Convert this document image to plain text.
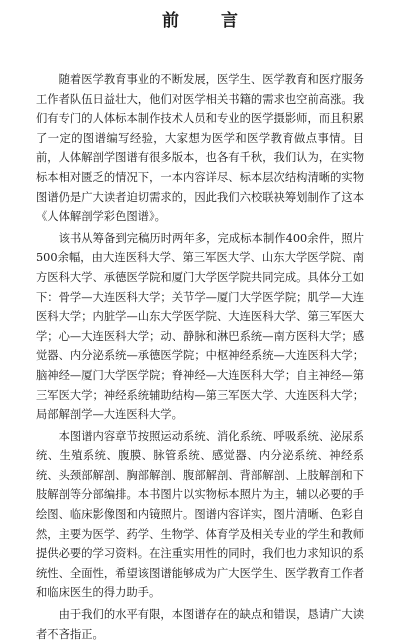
前 言

随着医学教育事业的不断发展，医学生、医学教育和医疗服务工作者队伍日益壮大，他们对医学相关书籍的需求也空前高涨。我们有专门的人体标本制作技术人员和专业的医学摄影师，而且积累了一定的图谱编写经验，大家想为医学和医学教育做点事情。目前，人体解剖学图谱有很多版本，也各有千秋，我们认为，在实物标本相对匮乏的情况下，一本内容详尽、标本层次结构清晰的实物图谱仍是广大读者迫切需求的，因此我们六校联袂筹划制作了这本《人体解剖学彩色图谱》。

该书从筹备到完稿历时两年多，完成标本制作400余件，照片500余幅，由大连医科大学、第三军医大学、山东大学医学院、南方医科大学、承德医学院和厦门大学医学院共同完成。具体分工如下：骨学—大连医科大学；关节学—厦门大学医学院；肌学—大连医科大学；内脏学—山东大学医学院、大连医科大学、第三军医大学；心—大连医科大学；动、静脉和淋巴系统—南方医科大学；感觉器、内分泌系统—承德医学院；中枢神经系统—大连医科大学；脑神经—厦门大学医学院；脊神经—大连医科大学；自主神经—第三军医大学；神经系统辅助结构—第三军医大学、大连医科大学；局部解剖学—大连医科大学。

本图谱内容章节按照运动系统、消化系统、呼吸系统、泌尿系统、生殖系统、腹膜、脉管系统、感觉器、内分泌系统、神经系统、头颈部解剖、胸部解剖、腹部解剖、背部解剖、上肢解剖和下肢解剖等分部编排。本书图片以实物标本照片为主，辅以必要的手绘图、临床影像图和内镜照片。图谱内容详实，图片清晰、色彩自然，主要为医学、药学、生物学、体育学及相关专业的学生和教师提供必要的学习资料。在注重实用性的同时，我们也力求知识的系统性、全面性，希望该图谱能够成为广大医学生、医学教育工作者和临床医生的得力助手。

由于我们的水平有限，本图谱存在的缺点和错误，恳请广大读者不吝指正。
